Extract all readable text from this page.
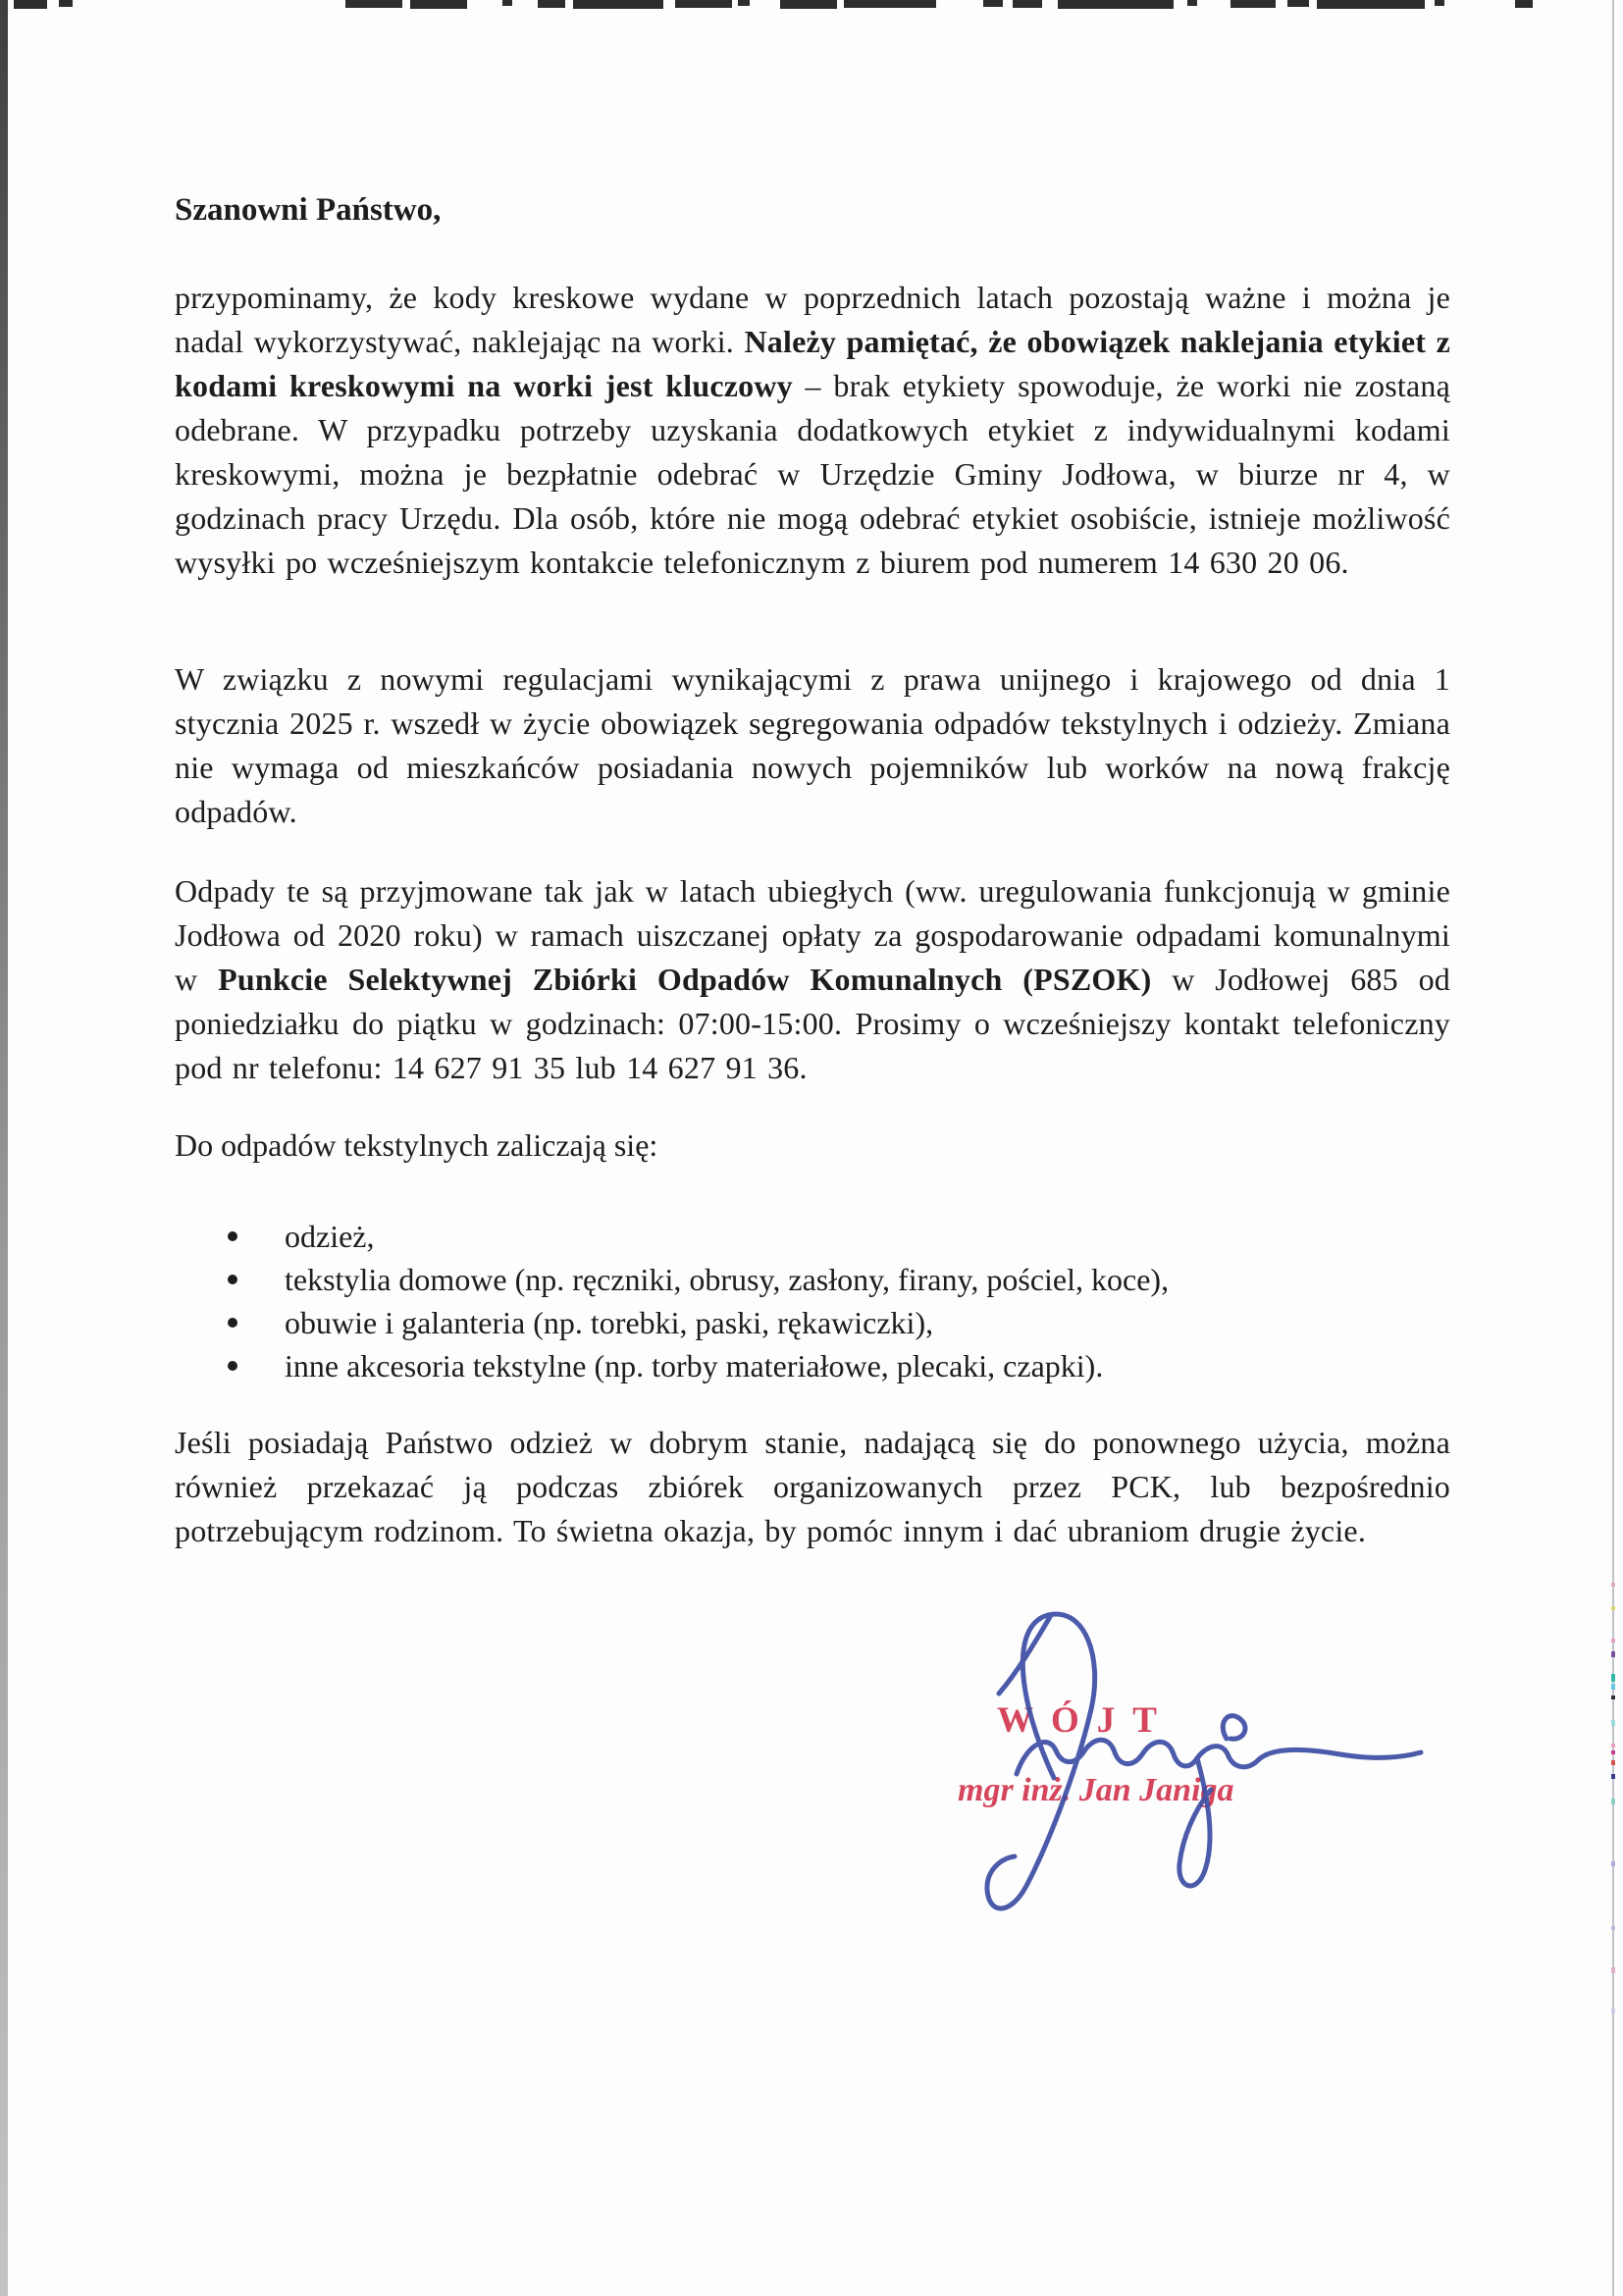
Szanowni Państwo,

przypominamy, że kody kreskowe wydane w poprzednich latach pozostają ważne i można je nadal wykorzystywać, naklejając na worki. Należy pamiętać, że obowiązek naklejania etykiet z kodami kreskowymi na worki jest kluczowy – brak etykiety spowoduje, że worki nie zostaną odebrane. W przypadku potrzeby uzyskania dodatkowych etykiet z indywidualnymi kodami kreskowymi, można je bezpłatnie odebrać w Urzędzie Gminy Jodłowa, w biurze nr 4, w godzinach pracy Urzędu. Dla osób, które nie mogą odebrać etykiet osobiście, istnieje możliwość wysyłki po wcześniejszym kontakcie telefonicznym z biurem pod numerem 14 630 20 06.

W związku z nowymi regulacjami wynikającymi z prawa unijnego i krajowego od dnia 1 stycznia 2025 r. wszedł w życie obowiązek segregowania odpadów tekstylnych i odzieży. Zmiana nie wymaga od mieszkańców posiadania nowych pojemników lub worków na nową frakcję odpadów.

Odpady te są przyjmowane tak jak w latach ubiegłych (ww. uregulowania funkcjonują w gminie Jodłowa od 2020 roku) w ramach uiszczanej opłaty za gospodarowanie odpadami komunalnymi w Punkcie Selektywnej Zbiórki Odpadów Komunalnych (PSZOK) w Jodłowej 685 od poniedziałku do piątku w godzinach: 07:00-15:00. Prosimy o wcześniejszy kontakt telefoniczny pod nr telefonu: 14 627 91 35 lub 14 627 91 36.

Do odpadów tekstylnych zaliczają się:

odzież,
tekstylia domowe (np. ręczniki, obrusy, zasłony, firany, pościel, koce),
obuwie i galanteria (np. torebki, paski, rękawiczki),
inne akcesoria tekstylne (np. torby materiałowe, plecaki, czapki).

Jeśli posiadają Państwo odzież w dobrym stanie, nadającą się do ponownego użycia, można również przekazać ją podczas zbiórek organizowanych przez PCK, lub bezpośrednio potrzebującym rodzinom. To świetna okazja, by pomóc innym i dać ubraniom drugie życie.

WÓJT

mgr inż. Jan Janiga
